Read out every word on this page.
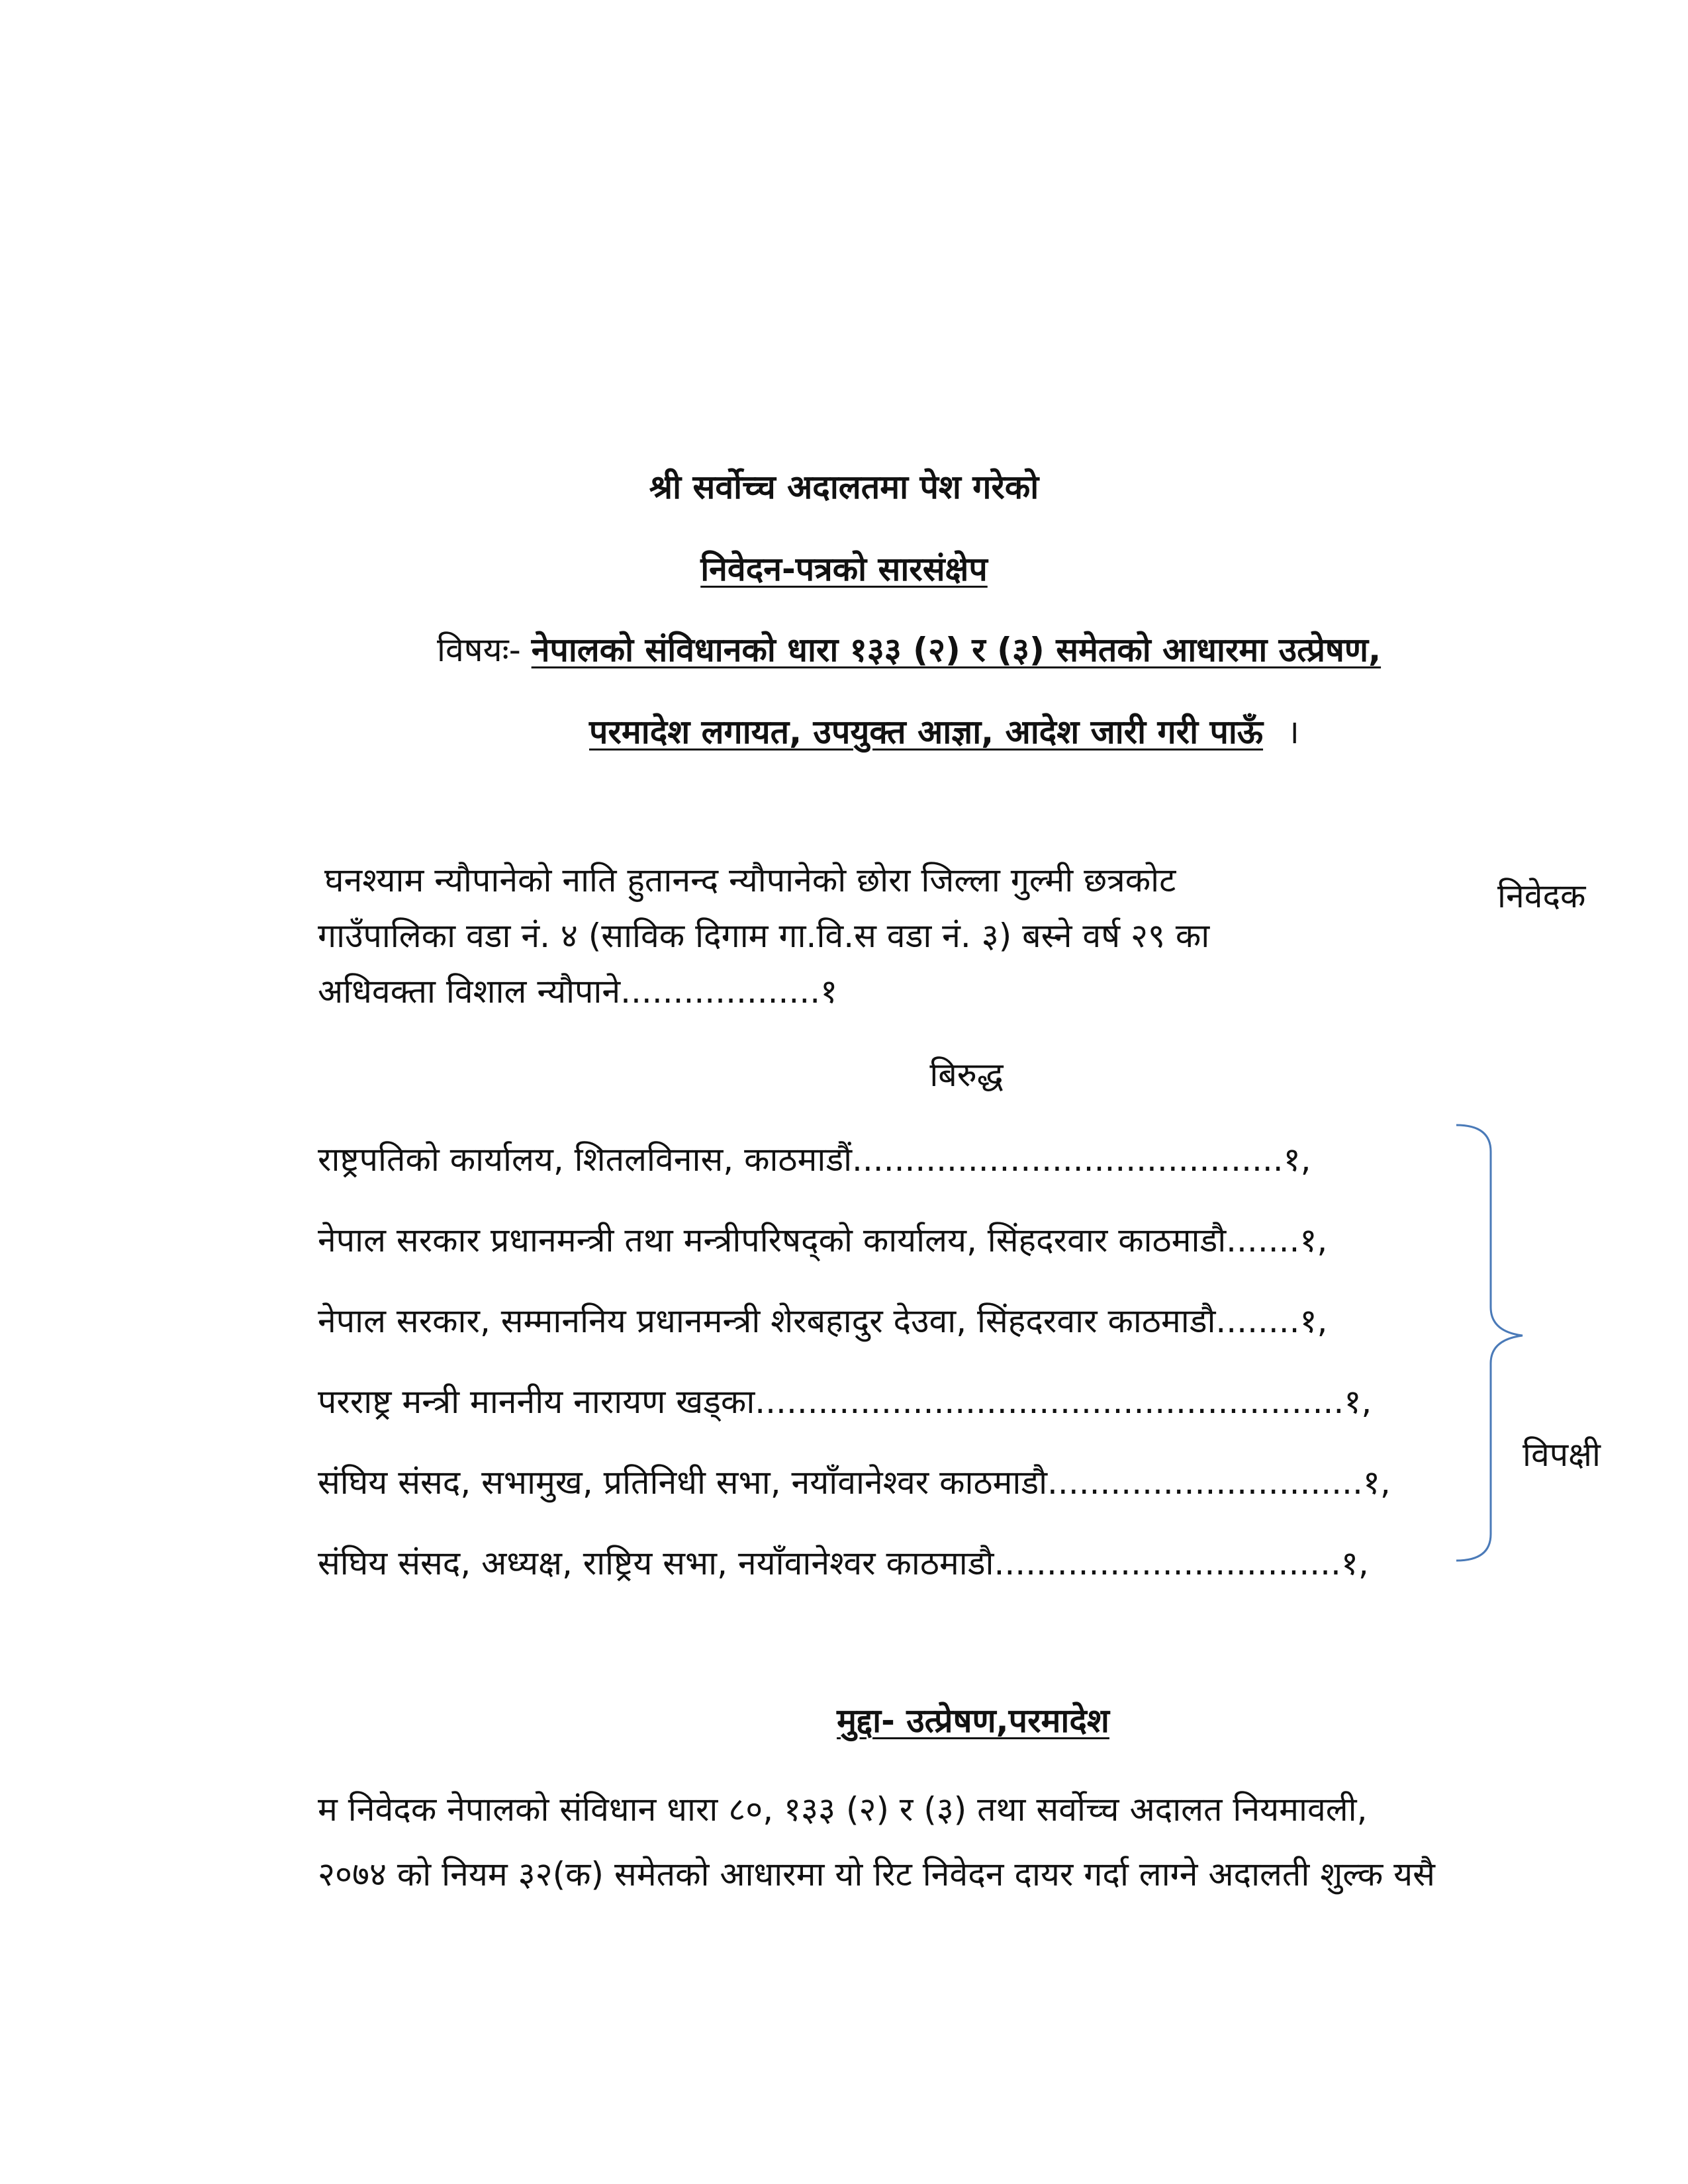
श्री सर्वोच्च अदालतमा पेश गरेको
निवेदन-पत्रको सारसंक्षेप
विषयः- नेपालको संविधानको धारा १३३ (२) र (३) समेतको आधारमा उत्प्रेषण,
परमादेश लगायत, उपयुक्त आज्ञा, आदेश जारी गरी पाऊँ ।
घनश्याम न्यौपानेको नाति हुतानन्द न्यौपानेको छोरा जिल्ला गुल्मी छत्रकोट
गाउँपालिका वडा नं. ४ (साविक दिगाम गा.वि.स वडा नं. ३) बस्ने वर्ष २९ का
अधिवक्ता विशाल न्यौपाने...................१
निवेदक
बिरुद्ध
राष्ट्रपतिको कार्यालय, शितलविनास, काठमाडौं.........................................१,
नेपाल सरकार प्रधानमन्त्री तथा मन्त्रीपरिषद्‌को कार्यालय, सिंहदरवार काठमाडौ.......१,
नेपाल सरकार, सम्माननिय प्रधानमन्त्री शेरबहादुर देउवा, सिंहदरवार काठमाडौ........१,
परराष्ट्र मन्त्री माननीय नारायण खड्का........................................................१,
संघिय संसद, सभामुख, प्रतिनिधी सभा, नयाँवानेश्वर काठमाडौ..............................१,
संघिय संसद, अध्यक्ष, राष्ट्रिय सभा, नयाँवानेश्वर काठमाडौ.................................१,
विपक्षी
मुद्दा- उत्प्रेषण,परमादेश
म निवेदक नेपालको संविधान धारा ८०, १३३ (२) र (३) तथा सर्वोच्च अदालत नियमावली,
२०७४ को नियम ३२(क) समेतको आधारमा यो रिट निवेदन दायर गर्दा लाग्ने अदालती शुल्क यसै
